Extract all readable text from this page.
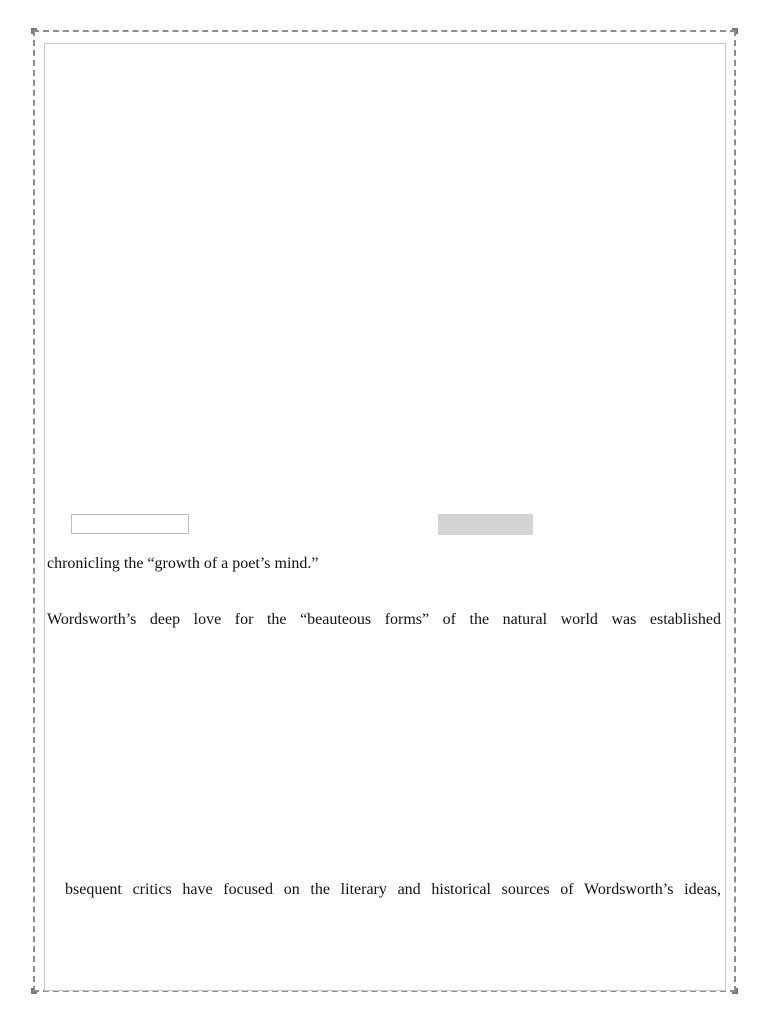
chronicling the “growth of a poet’s mind.”
Wordsworth’s deep love for the “beauteous forms” of the natural world was established
bsequent critics have focused on the literary and historical sources of Wordsworth’s ideas,
